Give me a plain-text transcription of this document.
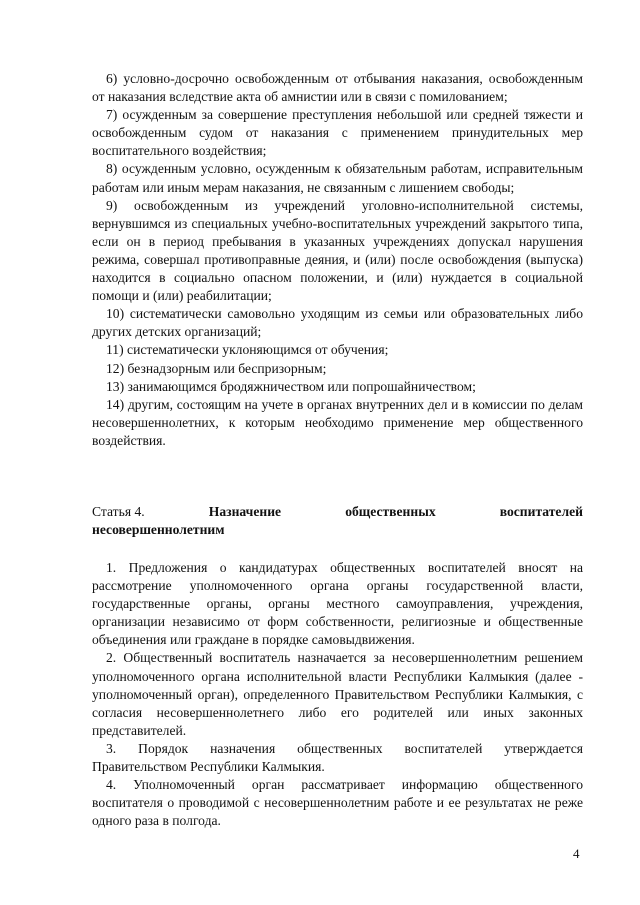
6) условно-досрочно освобожденным от отбывания наказания, освобожденным от наказания вследствие акта об амнистии или в связи с помилованием;

7) осужденным за совершение преступления небольшой или средней тяжести и освобожденным судом от наказания с применением принудительных мер воспитательного воздействия;

8) осужденным условно, осужденным к обязательным работам, исправительным работам или иным мерам наказания, не связанным с лишением свободы;

9) освобожденным из учреждений уголовно-исполнительной системы, вернувшимся из специальных учебно-воспитательных учреждений закрытого типа, если он в период пребывания в указанных учреждениях допускал нарушения режима, совершал противоправные деяния, и (или) после освобождения (выпуска) находится в социально опасном положении, и (или) нуждается в социальной помощи и (или) реабилитации;

10) систематически самовольно уходящим из семьи или образовательных либо других детских организаций;

11) систематически уклоняющимся от обучения;

12) безнадзорным или беспризорным;

13) занимающимся бродяжничеством или попрошайничеством;

14) другим, состоящим на учете в органах внутренних дел и в комиссии по делам несовершеннолетних, к которым необходимо применение мер общественного воздействия.

Статья 4.	Назначение	общественных	воспитателей
несовершеннолетним

1. Предложения о кандидатурах общественных воспитателей вносят на рассмотрение уполномоченного органа органы государственной власти, государственные органы, органы местного самоуправления, учреждения, организации независимо от форм собственности, религиозные и общественные объединения или граждане в порядке самовыдвижения.

2. Общественный воспитатель назначается за несовершеннолетним решением уполномоченного органа исполнительной власти Республики Калмыкия (далее - уполномоченный орган), определенного Правительством Республики Калмыкия, с согласия несовершеннолетнего либо его родителей или иных законных представителей.

3. Порядок назначения общественных воспитателей утверждается Правительством Республики Калмыкия.

4. Уполномоченный орган рассматривает информацию общественного воспитателя о проводимой с несовершеннолетним работе и ее результатах не реже одного раза в полгода.

4
